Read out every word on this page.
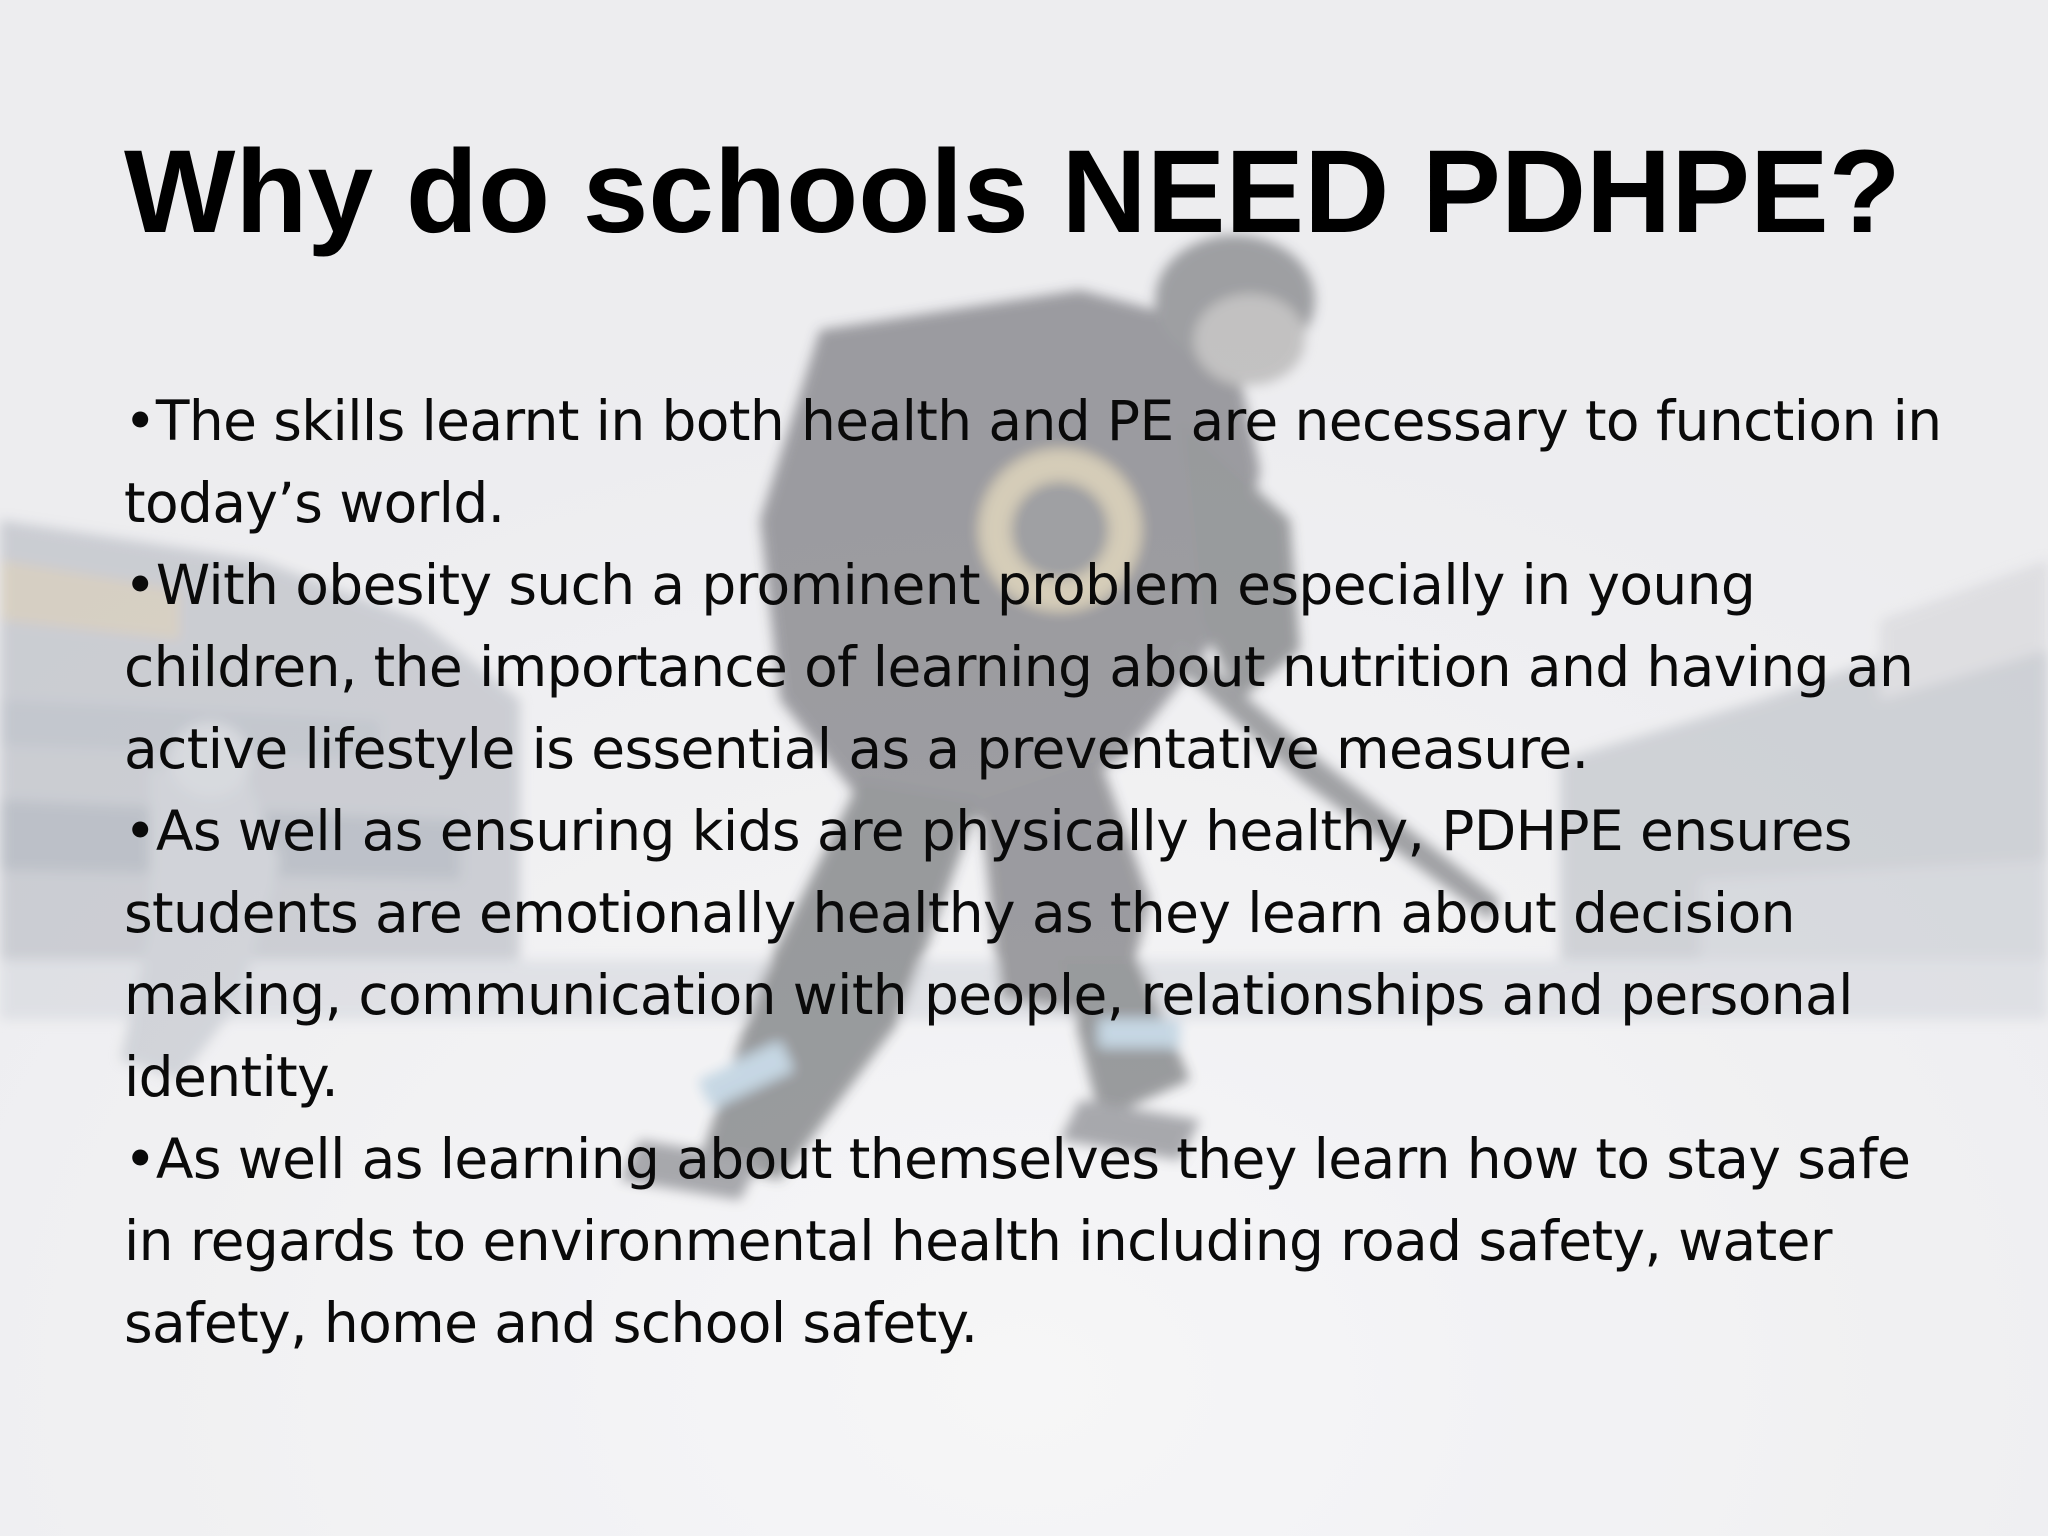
Why do schools NEED PDHPE?

•The skills learnt in both health and PE are necessary to function in today’s world.

•With obesity such a prominent problem especially in young children, the importance of learning about nutrition and having an active lifestyle is essential as a preventative measure.

•As well as ensuring kids are physically healthy, PDHPE ensures students are emotionally healthy as they learn about decision making, communication with people, relationships and personal identity.

•As well as learning about themselves they learn how to stay safe in regards to environmental health including road safety, water safety, home and school safety.
